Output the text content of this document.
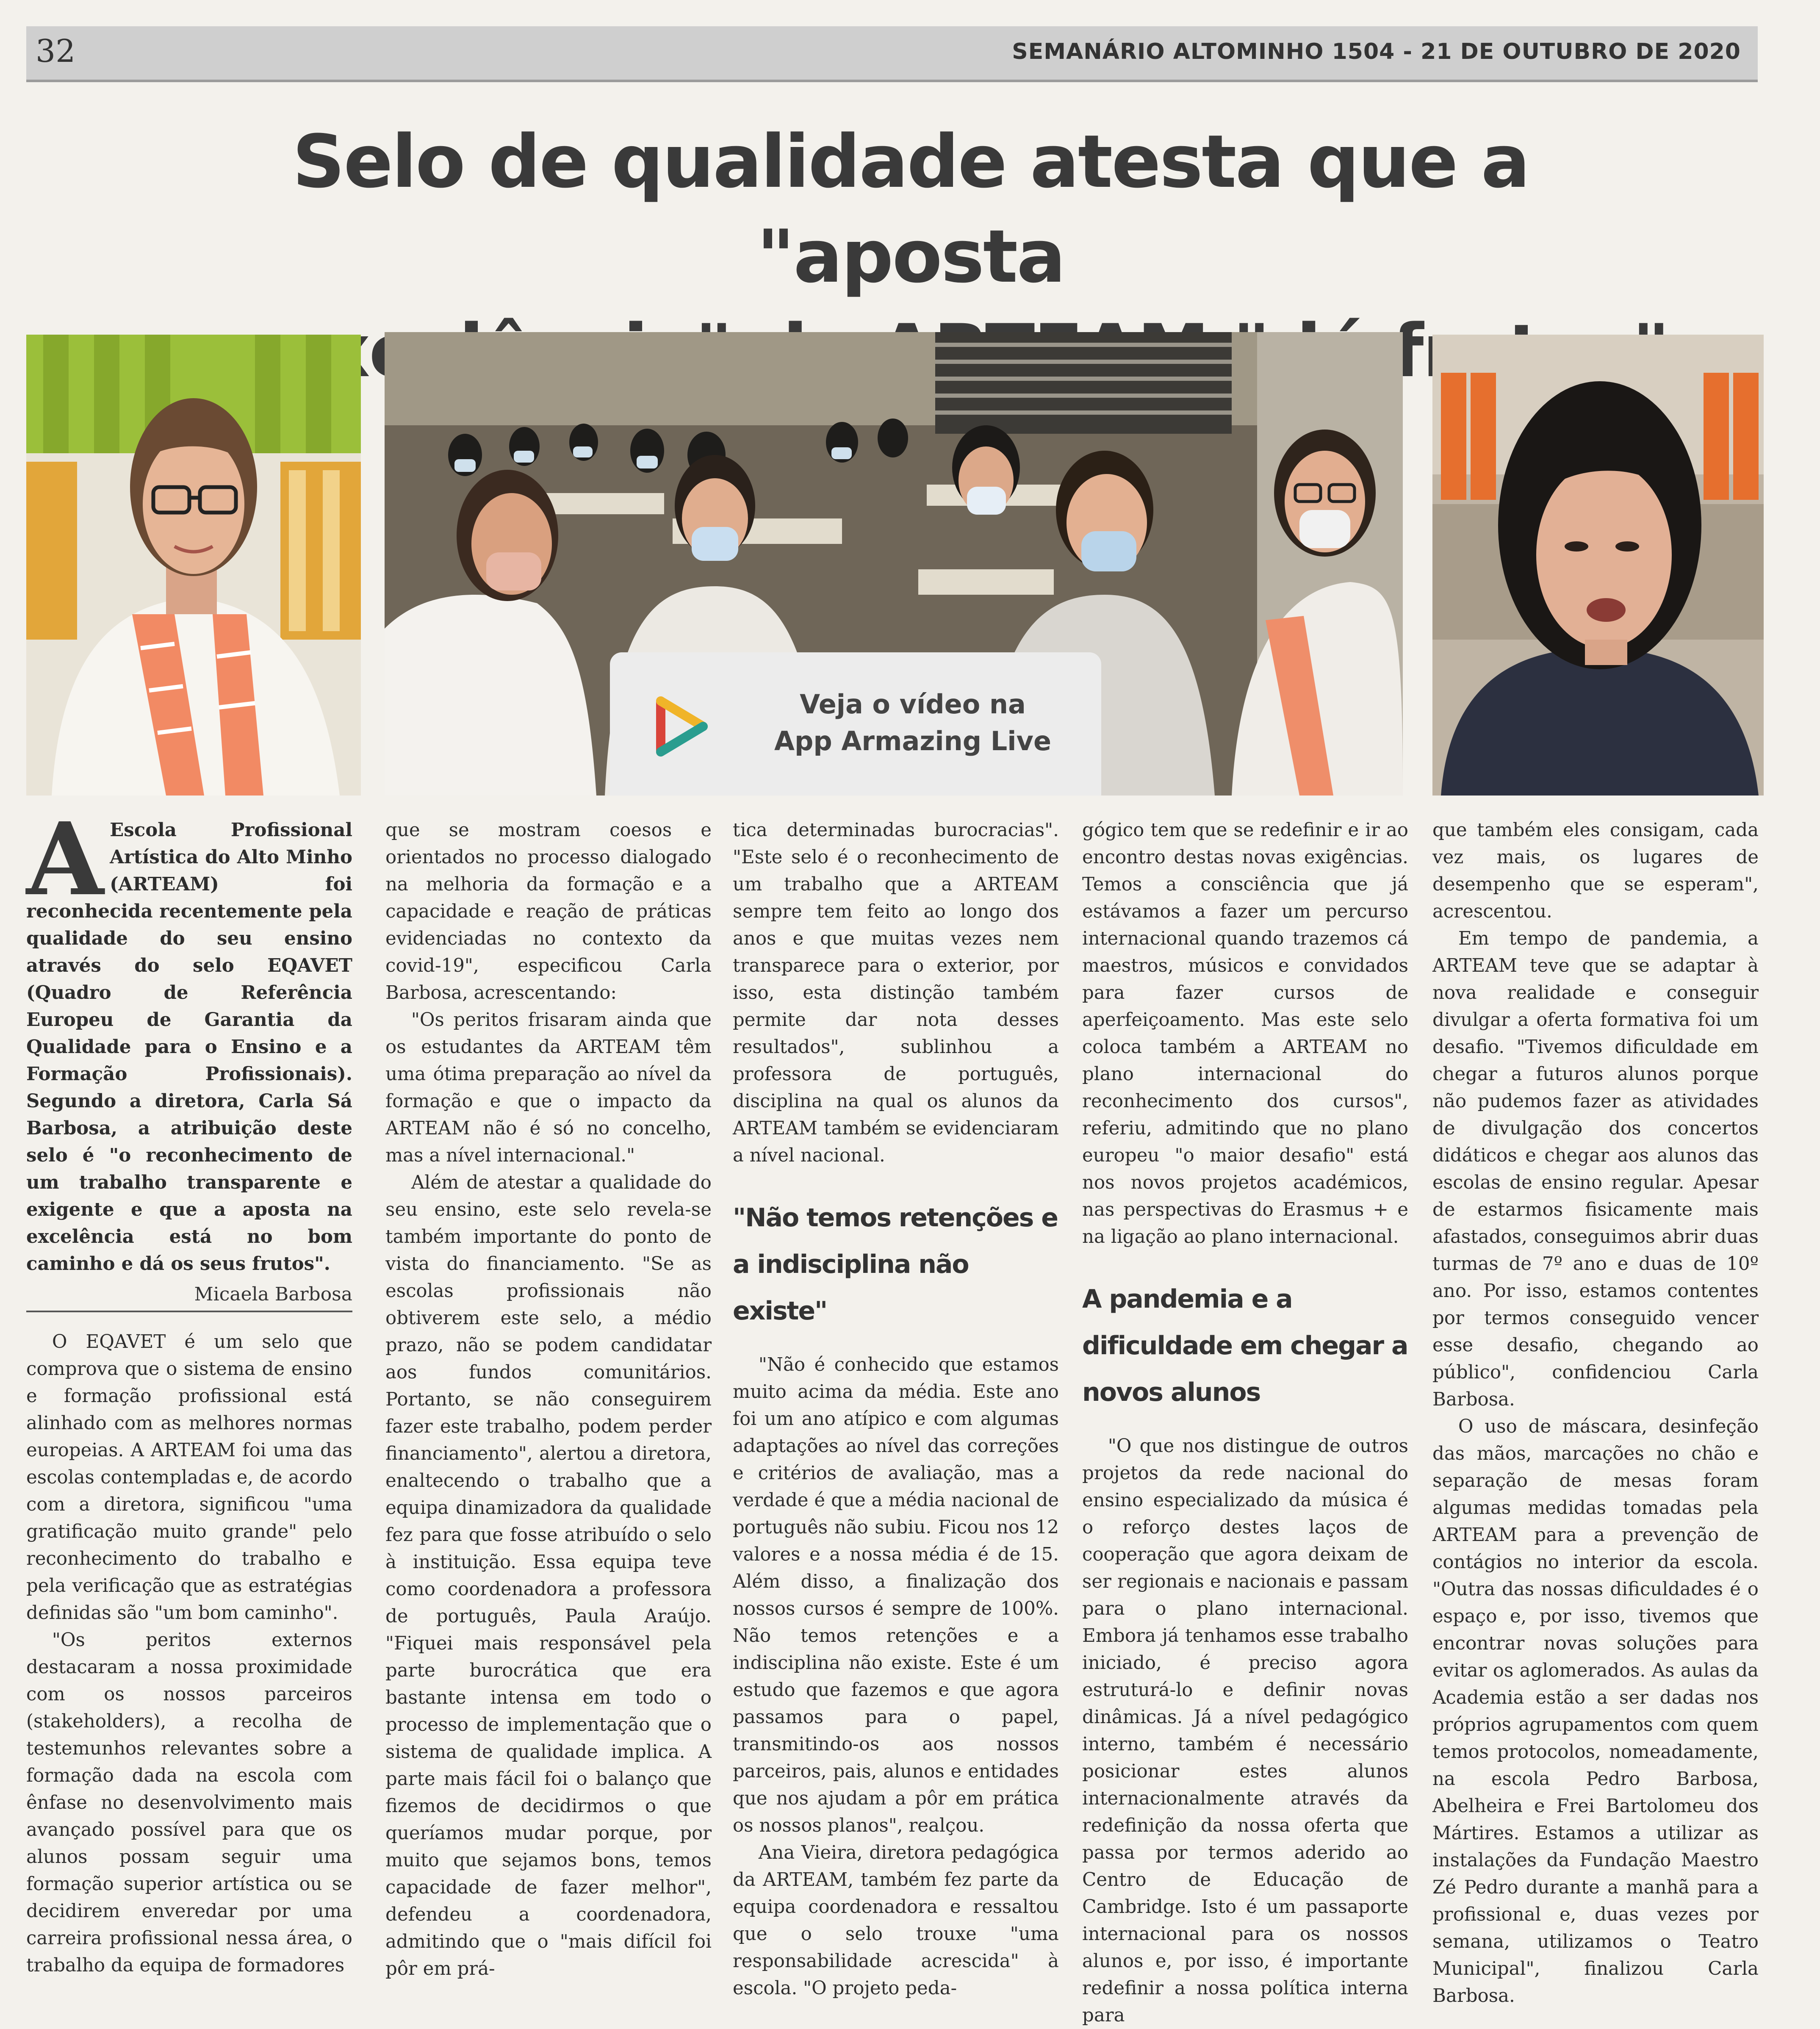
32	SEMANÁRIO ALTOMINHO 1504 - 21 DE OUTUBRO DE 2020
Selo de qualidade atesta que a "aposta
Veja o vídeo na
App Armazing Live
A Escola Profissional Artística do Alto Minho (ARTEAM) foi reconhecida recentemente pela qualidade do seu ensino através do selo EQAVET (Quadro de Referência Europeu de Garantia da Qualidade para o Ensino e a Formação Profissionais). Segundo a diretora, Carla Sá Barbosa, a atribuição deste selo é "o reconhecimento de um trabalho transparente e exigente e que a aposta na excelência está no bom caminho e dá os seus frutos".
Micaela Barbosa

O EQAVET é um selo que comprova que o sistema de ensino e formação profissional está alinhado com as melhores normas europeias. A ARTEAM foi uma das escolas contempladas e, de acordo com a diretora, significou "uma gratificação muito grande" pelo reconhecimento do trabalho e pela verificação que as estratégias definidas são "um bom caminho".

"Os peritos externos destacaram a nossa proximidade com os nossos parceiros (stakeholders), a recolha de testemunhos relevantes sobre a formação dada na escola com ênfase no desenvolvimento mais avançado possível para que os alunos possam seguir uma formação superior artística ou se decidirem enveredar por uma carreira profissional nessa área, o trabalho da equipa de formadores

que se mostram coesos e orientados no processo dialogado na melhoria da formação e a capacidade e reação de práticas evidenciadas no contexto da covid-19", especificou Carla Barbosa, acrescentando:

"Os peritos frisaram ainda que os estudantes da ARTEAM têm uma ótima preparação ao nível da formação e que o impacto da ARTEAM não é só no concelho, mas a nível internacional."

Além de atestar a qualidade do seu ensino, este selo revela-se também importante do ponto de vista do financiamento. "Se as escolas profissionais não obtiverem este selo, a médio prazo, não se podem candidatar aos fundos comunitários. Portanto, se não conseguirem fazer este trabalho, podem perder financiamento", alertou a diretora, enaltecendo o trabalho que a equipa dinamizadora da qualidade fez para que fosse atribuído o selo à instituição. Essa equipa teve como coordenadora a professora de português, Paula Araújo. "Fiquei mais responsável pela parte burocrática que era bastante intensa em todo o processo de implementação que o sistema de qualidade implica. A parte mais fácil foi o balanço que fizemos de decidirmos o que queríamos mudar porque, por muito que sejamos bons, temos capacidade de fazer melhor", defendeu a coordenadora, admitindo que o "mais difícil foi pôr em prá-

tica determinadas burocracias". "Este selo é o reconhecimento de um trabalho que a ARTEAM sempre tem feito ao longo dos anos e que muitas vezes nem transparece para o exterior, por isso, esta distinção também permite dar nota desses resultados", sublinhou a professora de português, disciplina na qual os alunos da ARTEAM também se evidenciaram a nível nacional.

"Não temos retenções e a indisciplina não existe"

"Não é conhecido que estamos muito acima da média. Este ano foi um ano atípico e com algumas adaptações ao nível das correções e critérios de avaliação, mas a verdade é que a média nacional de português não subiu. Ficou nos 12 valores e a nossa média é de 15. Além disso, a finalização dos nossos cursos é sempre de 100%. Não temos retenções e a indisciplina não existe. Este é um estudo que fazemos e que agora passamos para o papel, transmitindo-os aos nossos parceiros, pais, alunos e entidades que nos ajudam a pôr em prática os nossos planos", realçou.

Ana Vieira, diretora pedagógica da ARTEAM, também fez parte da equipa coordenadora e ressaltou que o selo trouxe "uma responsabilidade acrescida" à escola. "O projeto peda-

gógico tem que se redefinir e ir ao encontro destas novas exigências. Temos a consciência que já estávamos a fazer um percurso internacional quando trazemos cá maestros, músicos e convidados para fazer cursos de aperfeiçoamento. Mas este selo coloca também a ARTEAM no plano internacional do reconhecimento dos cursos", referiu, admitindo que no plano europeu "o maior desafio" está nos novos projetos académicos, nas perspectivas do Erasmus + e na ligação ao plano internacional.

A pandemia e a dificuldade em chegar a novos alunos

"O que nos distingue de outros projetos da rede nacional do ensino especializado da música é o reforço destes laços de cooperação que agora deixam de ser regionais e nacionais e passam para o plano internacional. Embora já tenhamos esse trabalho iniciado, é preciso agora estruturá-lo e definir novas dinâmicas. Já a nível pedagógico interno, também é necessário posicionar estes alunos internacionalmente através da redefinição da nossa oferta que passa por termos aderido ao Centro de Educação de Cambridge. Isto é um passaporte internacional para os nossos alunos e, por isso, é importante redefinir a nossa política interna para

que também eles consigam, cada vez mais, os lugares de desempenho que se esperam", acrescentou.

Em tempo de pandemia, a ARTEAM teve que se adaptar à nova realidade e conseguir divulgar a oferta formativa foi um desafio. "Tivemos dificuldade em chegar a futuros alunos porque não pudemos fazer as atividades de divulgação dos concertos didáticos e chegar aos alunos das escolas de ensino regular. Apesar de estarmos fisicamente mais afastados, conseguimos abrir duas turmas de 7º ano e duas de 10º ano. Por isso, estamos contentes por termos conseguido vencer esse desafio, chegando ao público", confidenciou Carla Barbosa.

O uso de máscara, desinfeção das mãos, marcações no chão e separação de mesas foram algumas medidas tomadas pela ARTEAM para a prevenção de contágios no interior da escola. "Outra das nossas dificuldades é o espaço e, por isso, tivemos que encontrar novas soluções para evitar os aglomerados. As aulas da Academia estão a ser dadas nos próprios agrupamentos com quem temos protocolos, nomeadamente, na escola Pedro Barbosa, Abelheira e Frei Bartolomeu dos Mártires. Estamos a utilizar as instalações da Fundação Maestro Zé Pedro durante a manhã para a profissional e, duas vezes por semana, utilizamos o Teatro Municipal", finalizou Carla Barbosa.
